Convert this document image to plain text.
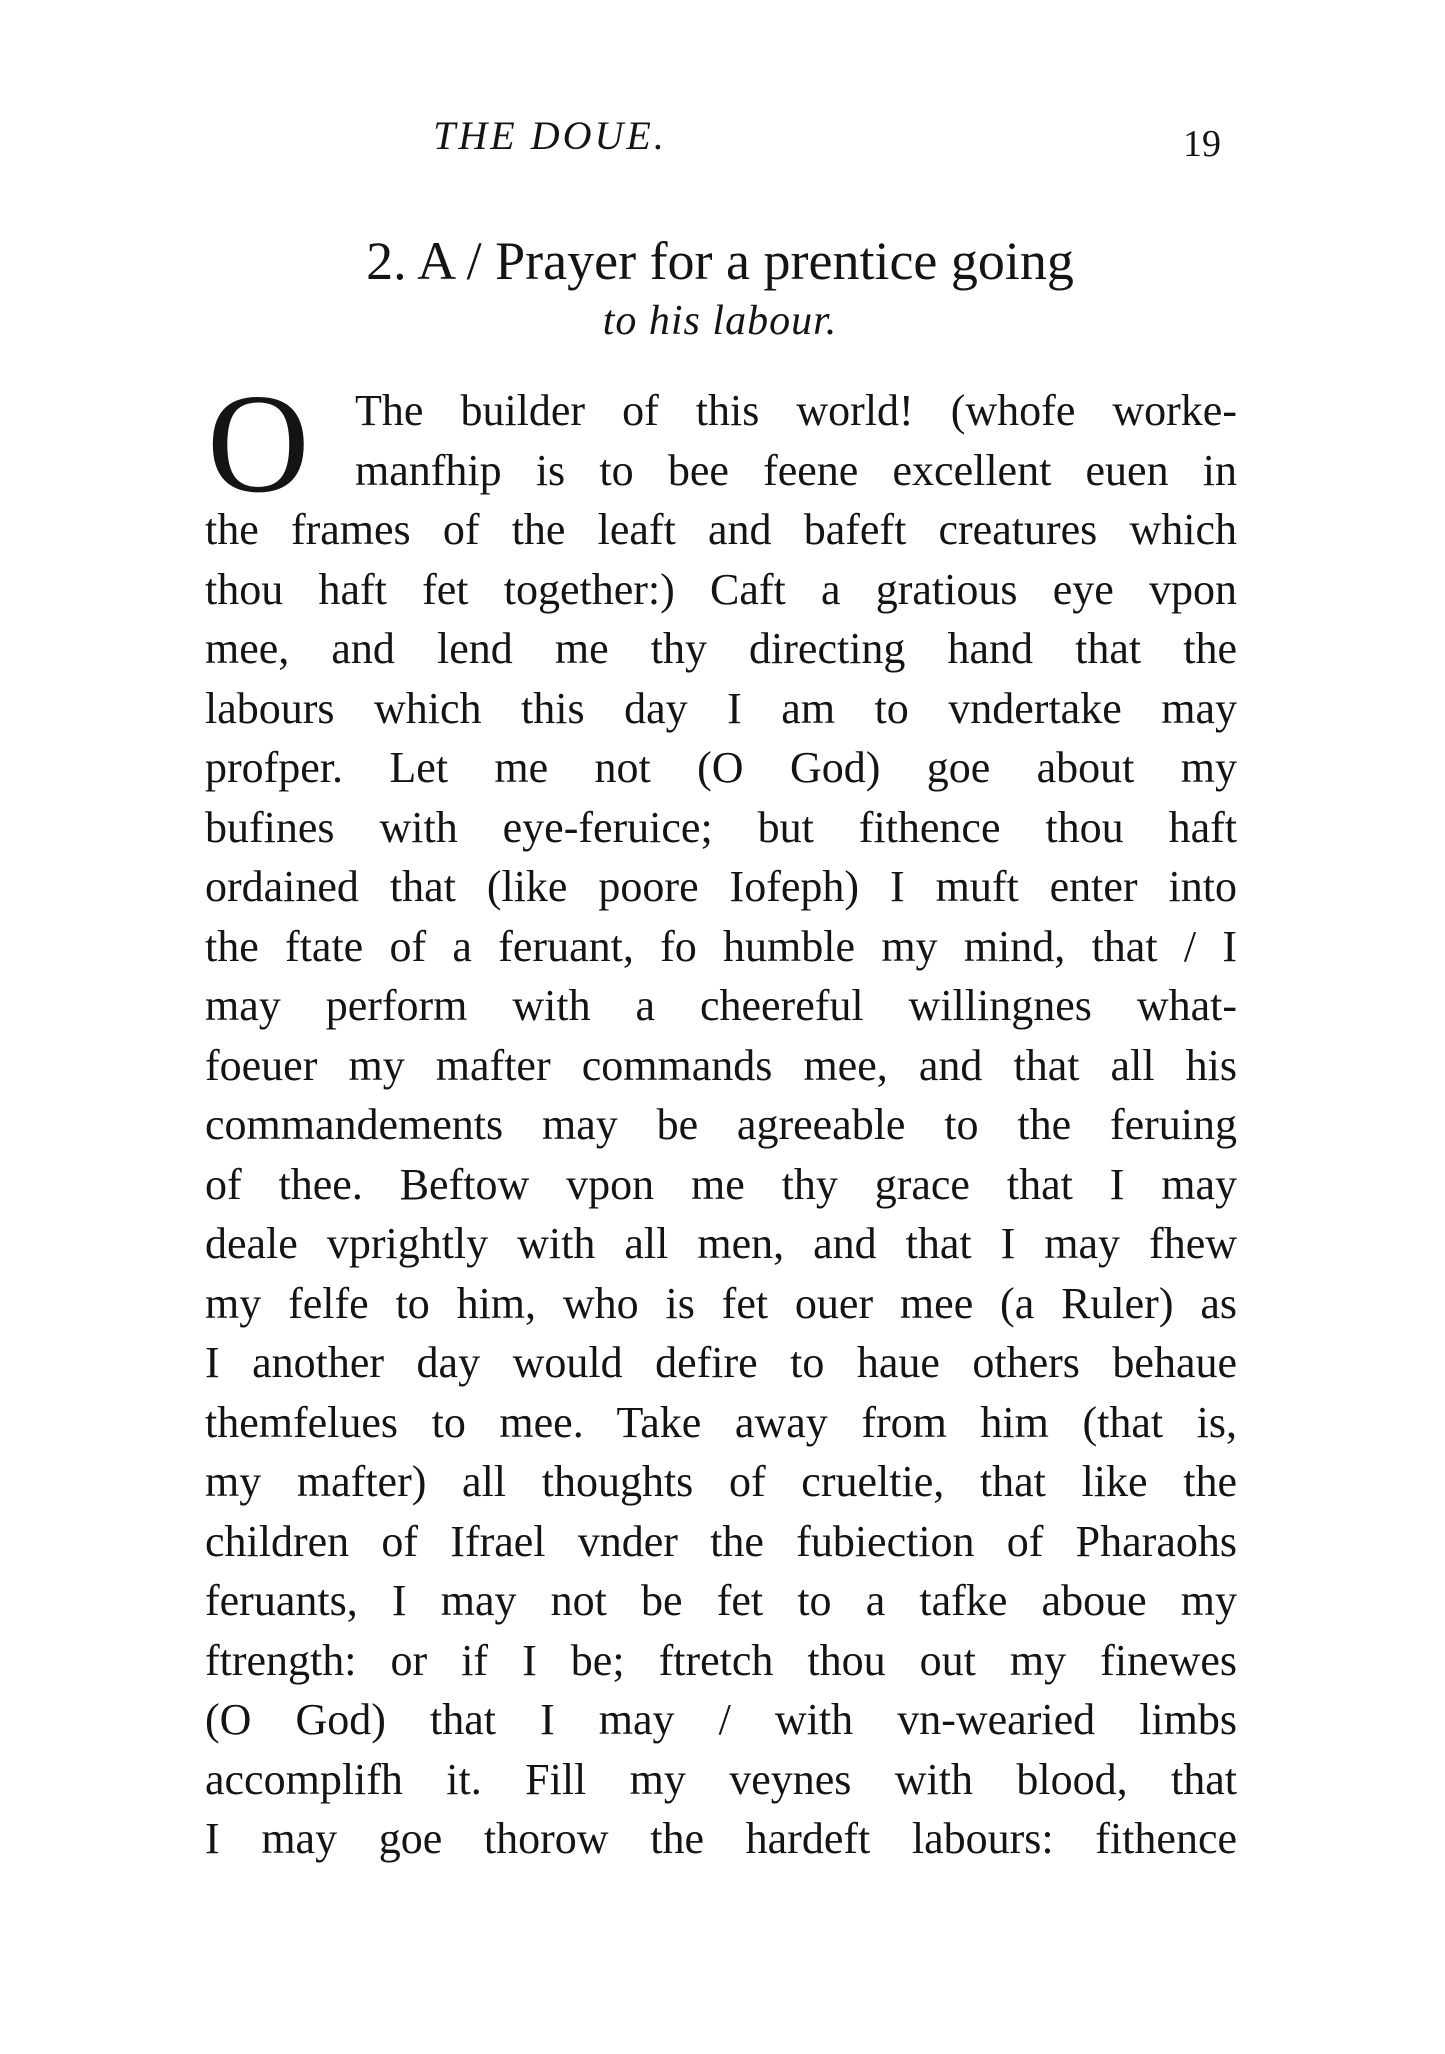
THE DOUE.	19
2. A / Prayer for a prentice going
to his labour.
O	The builder of this world! (whofe worke-
manfhip is to bee feene excellent euen in
the frames of the leaft and bafeft creatures which
thou haft fet together:) Caft a gratious eye vpon
mee, and lend me thy directing hand that the
labours which this day I am to vndertake may
profper. Let me not (O God) goe about my
bufines with eye-feruice; but fithence thou haft
ordained that (like poore Iofeph) I muft enter into
the ftate of a feruant, fo humble my mind, that / I
may perform with a cheereful willingnes what-
foeuer my mafter commands mee, and that all his
commandements may be agreeable to the feruing
of thee. Beftow vpon me thy grace that I may
deale vprightly with all men, and that I may fhew
my felfe to him, who is fet ouer mee (a Ruler) as
I another day would defire to haue others behaue
themfelues to mee. Take away from him (that is,
my mafter) all thoughts of crueltie, that like the
children of Ifrael vnder the fubiection of Pharaohs
feruants, I may not be fet to a tafke aboue my
ftrength: or if I be; ftretch thou out my finewes
(O God) that I may / with vn-wearied limbs
accomplifh it. Fill my veynes with blood, that
I may goe thorow the hardeft labours: fithence
